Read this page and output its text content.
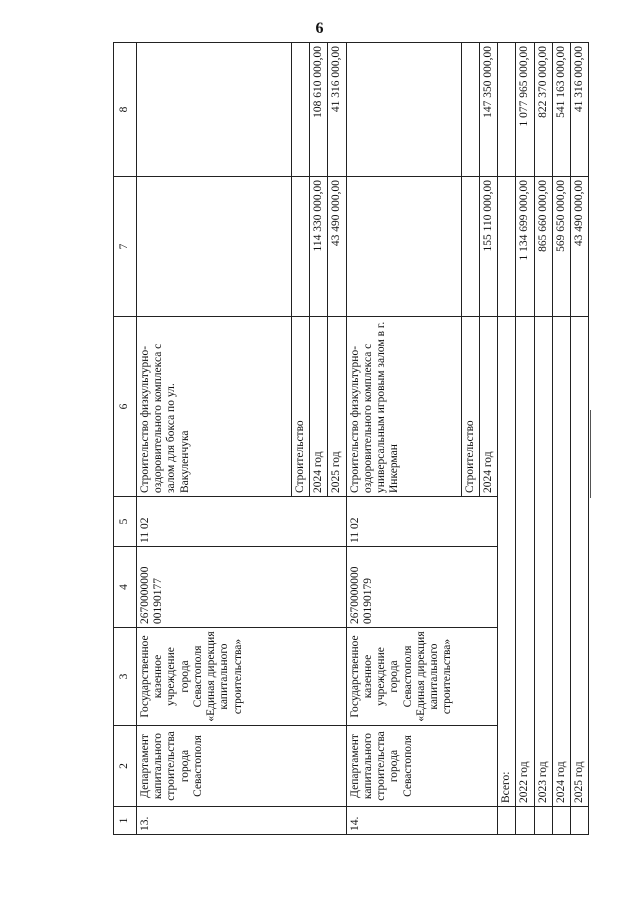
6
1	2	3	4	5	6	7	8
13.	Департамент капитального строительства города Севастополя	Государственное казенное учреждение города Севастополя «Единая дирекция капитального строительства»	2670000000 00190177	11 02	Строительство физкультурно-оздоровительного комплекса с залом для бокса по ул. Вакуленчука		
					Строительство		
					2024 год	114 330 000,00	108 610 000,00
					2025 год	43 490 000,00	41 316 000,00
14.	Департамент капитального строительства города Севастополя	Государственное казенное учреждение города Севастополя «Единая дирекция капитального строительства»	2670000000 00190179	11 02	Строительство физкультурно-оздоровительного комплекса с универсальным игровым залом в г. Инкерман		
					Строительство		
					2024 год	155 110 000,00	147 350 000,00
	Всего:						
	2022 год					1 134 699 000,00	1 077 965 000,00
	2023 год					865 660 000,00	822 370 000,00
	2024 год					569 650 000,00	541 163 000,00
	2025 год					43 490 000,00	41 316 000,00
